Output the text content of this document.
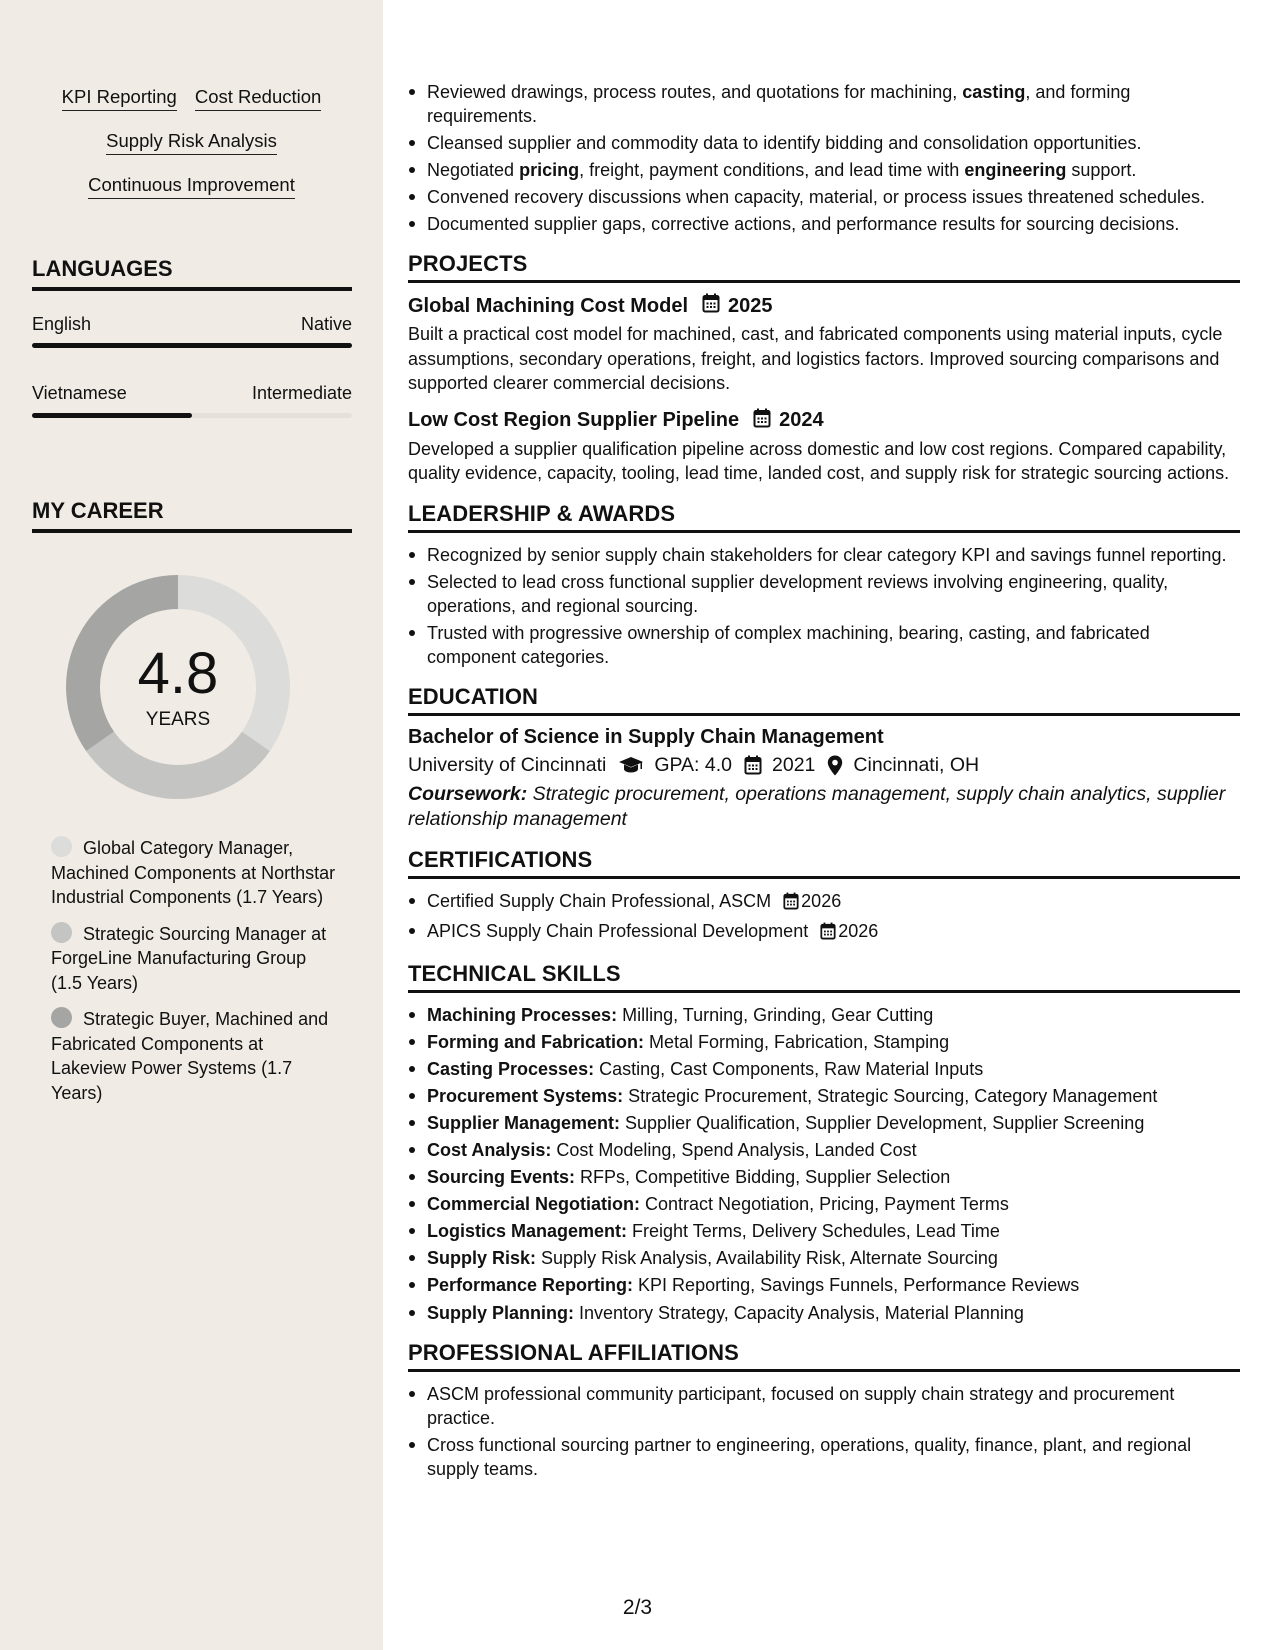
KPI Reporting Cost Reduction
Supply Risk Analysis
Continuous Improvement
LANGUAGES
English	Native
Vietnamese	Intermediate
MY CAREER
4.8
YEARS
Global Category Manager, Machined Components at Northstar Industrial Components (1.7 Years)
Strategic Sourcing Manager at ForgeLine Manufacturing Group (1.5 Years)
Strategic Buyer, Machined and Fabricated Components at Lakeview Power Systems (1.7 Years)
Reviewed drawings, process routes, and quotations for machining, casting, and forming requirements.
Cleansed supplier and commodity data to identify bidding and consolidation opportunities.
Negotiated pricing, freight, payment conditions, and lead time with engineering support.
Convened recovery discussions when capacity, material, or process issues threatened schedules.
Documented supplier gaps, corrective actions, and performance results for sourcing decisions.
PROJECTS
Global Machining Cost Model 2025
Built a practical cost model for machined, cast, and fabricated components using material inputs, cycle assumptions, secondary operations, freight, and logistics factors. Improved sourcing comparisons and supported clearer commercial decisions.
Low Cost Region Supplier Pipeline 2024
Developed a supplier qualification pipeline across domestic and low cost regions. Compared capability, quality evidence, capacity, tooling, lead time, landed cost, and supply risk for strategic sourcing actions.
LEADERSHIP & AWARDS
Recognized by senior supply chain stakeholders for clear category KPI and savings funnel reporting.
Selected to lead cross functional supplier development reviews involving engineering, quality, operations, and regional sourcing.
Trusted with progressive ownership of complex machining, bearing, casting, and fabricated component categories.
EDUCATION
Bachelor of Science in Supply Chain Management
University of Cincinnati GPA: 4.0 2021 Cincinnati, OH
Coursework: Strategic procurement, operations management, supply chain analytics, supplier relationship management
CERTIFICATIONS
Certified Supply Chain Professional, ASCM 2026
APICS Supply Chain Professional Development 2026
TECHNICAL SKILLS
Machining Processes: Milling, Turning, Grinding, Gear Cutting
Forming and Fabrication: Metal Forming, Fabrication, Stamping
Casting Processes: Casting, Cast Components, Raw Material Inputs
Procurement Systems: Strategic Procurement, Strategic Sourcing, Category Management
Supplier Management: Supplier Qualification, Supplier Development, Supplier Screening
Cost Analysis: Cost Modeling, Spend Analysis, Landed Cost
Sourcing Events: RFPs, Competitive Bidding, Supplier Selection
Commercial Negotiation: Contract Negotiation, Pricing, Payment Terms
Logistics Management: Freight Terms, Delivery Schedules, Lead Time
Supply Risk: Supply Risk Analysis, Availability Risk, Alternate Sourcing
Performance Reporting: KPI Reporting, Savings Funnels, Performance Reviews
Supply Planning: Inventory Strategy, Capacity Analysis, Material Planning
PROFESSIONAL AFFILIATIONS
ASCM professional community participant, focused on supply chain strategy and procurement practice.
Cross functional sourcing partner to engineering, operations, quality, finance, plant, and regional supply teams.
2/3
